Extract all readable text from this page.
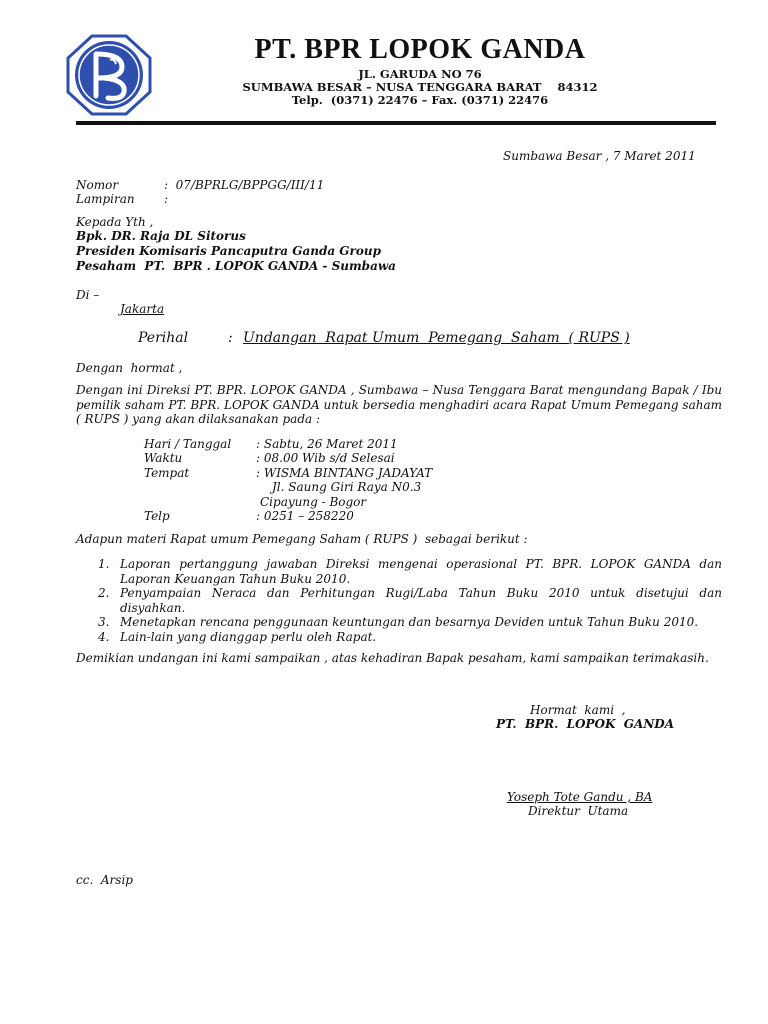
PT. BPR LOPOK GANDA
JL. GARUDA NO 76
SUMBAWA BESAR – NUSA TENGGARA BARAT    84312
Telp.  (0371) 22476 – Fax. (0371) 22476
Sumbawa Besar , 7 Maret 2011
Nomor	:  07/BPRLG/BPPGG/III/11
Lampiran :
Kepada Yth ,
Bpk. DR. Raja DL Sitorus
Presiden Komisaris Pancaputra Ganda Group
Pesaham  PT.  BPR . LOPOK GANDA - Sumbawa
Di –
Jakarta
Perihal	: Undangan  Rapat Umum  Pemegang  Saham  ( RUPS )
Dengan  hormat ,
Dengan ini Direksi PT. BPR. LOPOK GANDA , Sumbawa – Nusa Tenggara Barat mengundang Bapak / Ibu pemilik saham PT. BPR. LOPOK GANDA untuk bersedia menghadiri acara Rapat Umum Pemegang saham ( RUPS ) yang akan dilaksanakan pada :
Hari / Tanggal : Sabtu, 26 Maret 2011
Waktu	: 08.00 Wib s/d Selesai
Tempat	: WISMA BINTANG JADAYAT
Jl. Saung Giri Raya N0.3
Cipayung - Bogor
Telp	: 0251 – 258220
Adapun materi Rapat umum Pemegang Saham ( RUPS )  sebagai berikut :
1. Laporan pertanggung jawaban Direksi mengenai operasional PT. BPR. LOPOK GANDA dan Laporan Keuangan Tahun Buku 2010.
2. Penyampaian Neraca dan Perhitungan Rugi/Laba Tahun Buku 2010 untuk disetujui dan disyahkan.
3. Menetapkan rencana penggunaan keuntungan dan besarnya Deviden untuk Tahun Buku 2010.
4. Lain-lain yang dianggap perlu oleh Rapat.
Demikian undangan ini kami sampaikan , atas kehadiran Bapak pesaham, kami sampaikan terimakasih.
Hormat  kami  ,
PT.  BPR.  LOPOK  GANDA
Yoseph Tote Gandu , BA
Direktur  Utama
cc.  Arsip
